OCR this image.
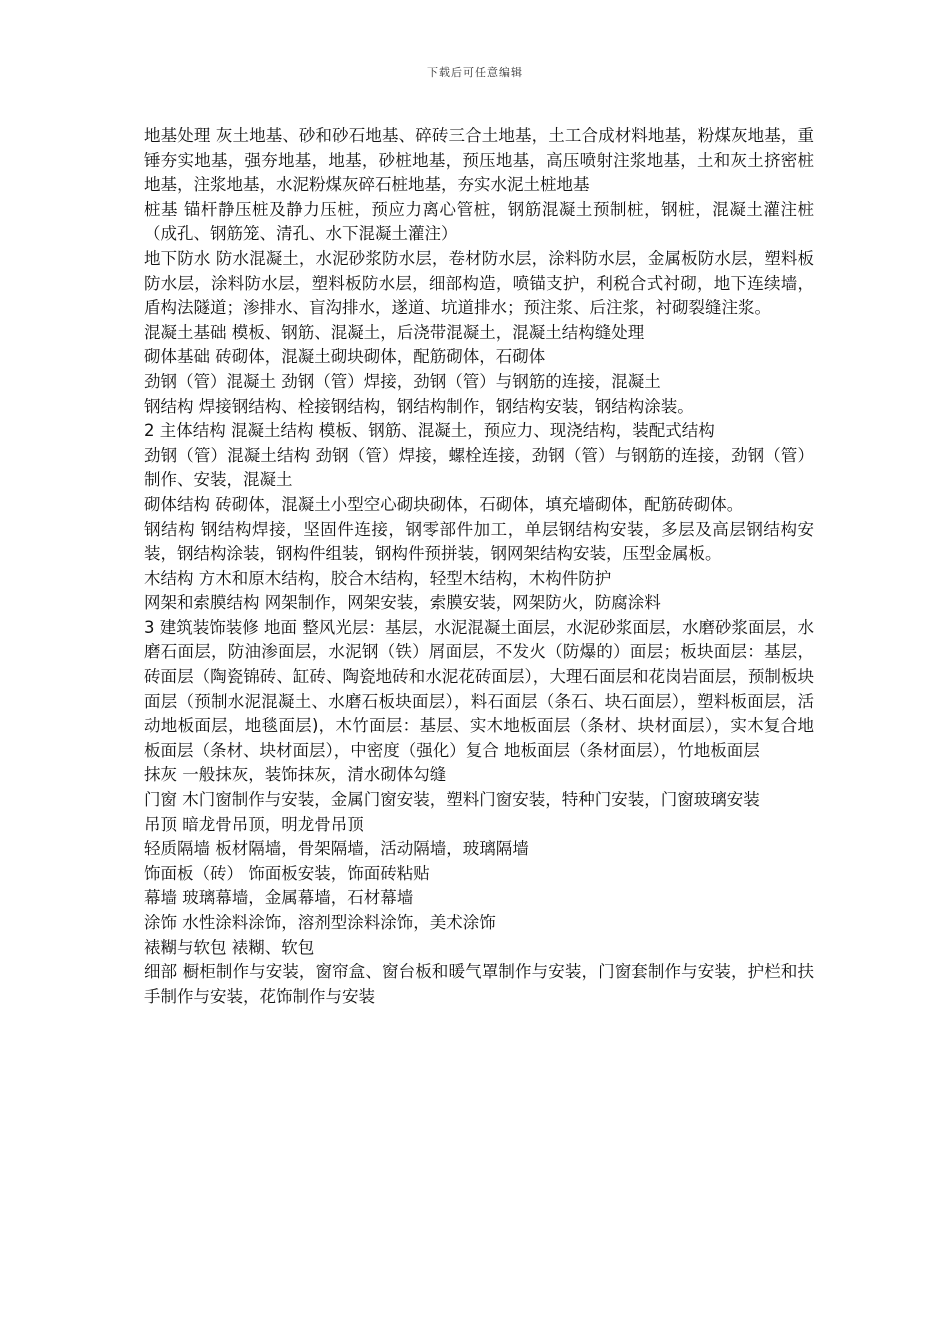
下载后可任意编辑

地基处理 灰土地基、砂和砂石地基、碎砖三合土地基，土工合成材料地基，粉煤灰地基，重锤夯实地基，强夯地基，地基，砂桩地基，预压地基，高压喷射注浆地基，土和灰土挤密桩地基，注浆地基，水泥粉煤灰碎石桩地基，夯实水泥土桩地基

桩基 锚杆静压桩及静力压桩，预应力离心管桩，钢筋混凝土预制桩，钢桩，混凝土灌注桩（成孔、钢筋笼、清孔、水下混凝土灌注）

地下防水 防水混凝土，水泥砂浆防水层，卷材防水层，涂料防水层，金属板防水层，塑料板防水层，涂料防水层，塑料板防水层，细部构造，喷锚支护，利税合式衬砌，地下连续墙，盾构法隧道；渗排水、盲沟排水，遂道、坑道排水；预注浆、后注浆，衬砌裂缝注浆。

混凝土基础 模板、钢筋、混凝土，后浇带混凝土，混凝土结构缝处理

砌体基础 砖砌体，混凝土砌块砌体，配筋砌体，石砌体

劲钢（管）混凝土 劲钢（管）焊接，劲钢（管）与钢筋的连接，混凝土

钢结构 焊接钢结构、栓接钢结构，钢结构制作，钢结构安装，钢结构涂装。

2 主体结构 混凝土结构 模板、钢筋、混凝土，预应力、现浇结构，装配式结构

劲钢（管）混凝土结构 劲钢（管）焊接，螺栓连接，劲钢（管）与钢筋的连接，劲钢（管）制作、安装，混凝土

砌体结构 砖砌体，混凝土小型空心砌块砌体，石砌体，填充墙砌体，配筋砖砌体。

钢结构 钢结构焊接，坚固件连接，钢零部件加工，单层钢结构安装，多层及高层钢结构安装，钢结构涂装，钢构件组装，钢构件预拼装，钢网架结构安装，压型金属板。

木结构 方木和原木结构，胶合木结构，轻型木结构，木构件防护

网架和索膜结构 网架制作，网架安装，索膜安装，网架防火，防腐涂料

3 建筑装饰装修 地面 整风光层：基层，水泥混凝土面层，水泥砂浆面层，水磨砂浆面层，水磨石面层，防油渗面层，水泥钢（铁）屑面层，不发火（防爆的）面层；板块面层：基层，砖面层（陶瓷锦砖、缸砖、陶瓷地砖和水泥花砖面层），大理石面层和花岗岩面层，预制板块面层（预制水泥混凝土、水磨石板块面层），料石面层（条石、块石面层），塑料板面层，活动地板面层，地毯面层)，木竹面层：基层、实木地板面层（条材、块材面层），实木复合地板面层（条材、块材面层），中密度（强化）复合 地板面层（条材面层），竹地板面层

抹灰 一般抹灰，装饰抹灰，清水砌体勾缝

门窗 木门窗制作与安装，金属门窗安装，塑料门窗安装，特种门安装，门窗玻璃安装

吊顶 暗龙骨吊顶，明龙骨吊顶

轻质隔墙 板材隔墙，骨架隔墙，活动隔墙，玻璃隔墙

饰面板（砖） 饰面板安装，饰面砖粘贴

幕墙 玻璃幕墙，金属幕墙，石材幕墙

涂饰 水性涂料涂饰，溶剂型涂料涂饰，美术涂饰

裱糊与软包 裱糊、软包

细部 橱柜制作与安装，窗帘盒、窗台板和暖气罩制作与安装，门窗套制作与安装，护栏和扶手制作与安装，花饰制作与安装
